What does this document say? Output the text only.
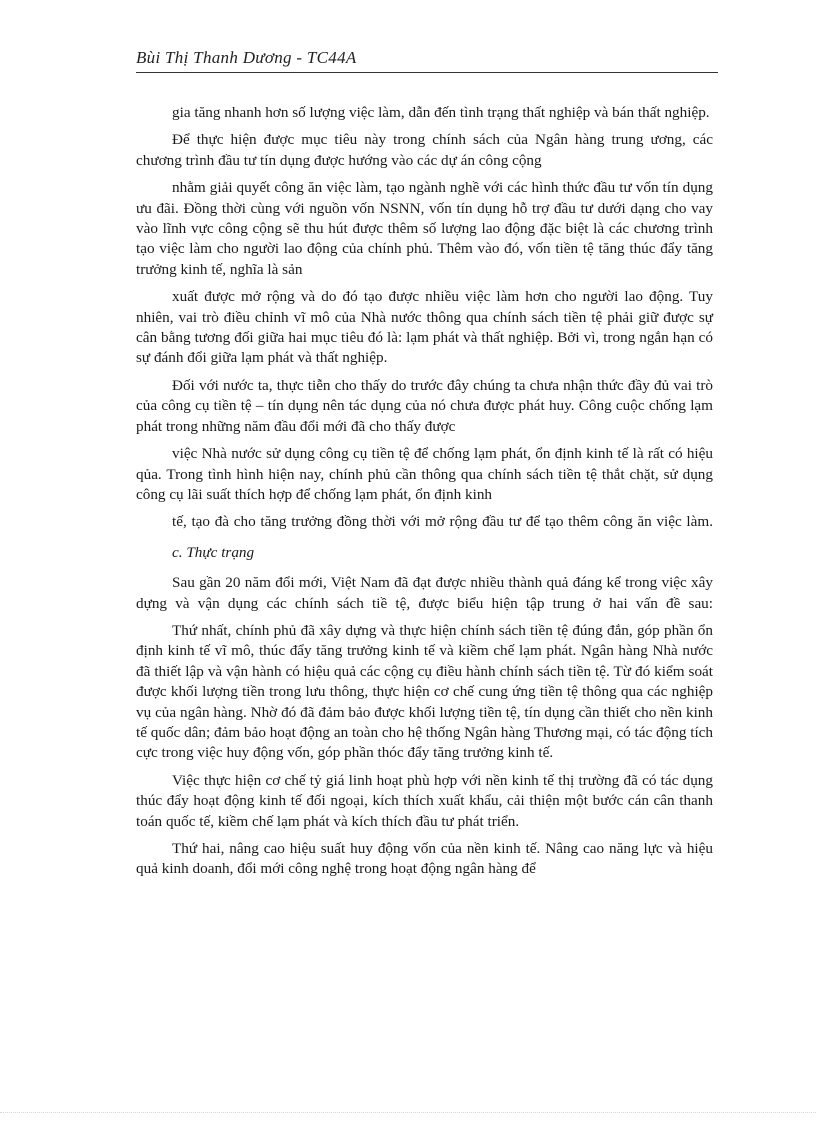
Bùi Thị Thanh Dương - TC44A

gia tăng nhanh hơn số lượng việc làm, dẫn đến tình trạng thất nghiệp và bán thất nghiệp.

Để thực hiện được mục tiêu này trong chính sách của Ngân hàng trung ương, các chương trình đầu tư tín dụng được hướng vào các dự án công cộng

nhằm giải quyết công ăn việc làm, tạo ngành nghề với các hình thức đầu tư vốn tín dụng ưu đãi. Đồng thời cùng với nguồn vốn NSNN, vốn tín dụng hỗ trợ đầu tư dưới dạng cho vay vào lĩnh vực công cộng sẽ thu hút được thêm số lượng lao động đặc biệt là các chương trình tạo việc làm cho người lao động của chính phủ. Thêm vào đó, vốn tiền tệ tăng thúc đẩy tăng trưởng kinh tế, nghĩa là sản

xuất được mở rộng và do đó tạo được nhiều việc làm hơn cho người lao động. Tuy nhiên, vai trò điều chỉnh vĩ mô của Nhà nước thông qua chính sách tiền tệ phải giữ được sự cân bằng tương đối giữa hai mục tiêu đó là: lạm phát và thất nghiệp. Bởi vì, trong ngắn hạn có sự đánh đổi giữa lạm phát và thất nghiệp.

Đối với nước ta, thực tiễn cho thấy do trước đây chúng ta chưa nhận thức đầy đủ vai trò của công cụ tiền tệ – tín dụng nên tác dụng của nó chưa được phát huy. Công cuộc chống lạm phát trong những năm đầu đổi mới đã cho thấy được

việc Nhà nước sử dụng công cụ tiền tệ để chống lạm phát, ổn định kinh tế là rất có hiệu qủa. Trong tình hình hiện nay, chính phủ cần thông qua chính sách tiền tệ thắt chặt, sử dụng công cụ lãi suất thích hợp để chống lạm phát, ổn định kinh

tế, tạo đà cho tăng trưởng đồng thời với mở rộng đầu tư để tạo thêm công ăn việc làm.

c. Thực trạng

Sau gần 20 năm đổi mới, Việt Nam đã đạt được nhiều thành quả đáng kể trong việc xây dựng và vận dụng các chính sách tiề tệ, được biểu hiện tập trung ở hai vấn đề sau:

Thứ nhất, chính phủ đã xây dựng và thực hiện chính sách tiền tệ đúng đắn, góp phần ổn định kinh tế vĩ mô, thúc đẩy tăng trưởng kinh tế và kiềm chế lạm phát. Ngân hàng Nhà nước đã thiết lập và vận hành có hiệu quả các cộng cụ điều hành chính sách tiền tệ. Từ đó kiểm soát được khối lượng tiền trong lưu thông, thực hiện cơ chế cung ứng tiền tệ thông qua các nghiệp vụ của ngân hàng. Nhờ đó đã đảm bảo được khối lượng tiền tệ, tín dụng cần thiết cho nền kinh tế quốc dân; đảm bảo hoạt động an toàn cho hệ thống Ngân hàng Thương mại, có tác động tích cực trong việc huy động vốn, góp phần thóc đẩy tăng trưởng kinh tế.

Việc thực hiện cơ chế tỷ giá linh hoạt phù hợp với nền kinh tế thị trường đã có tác dụng thúc đẩy hoạt động kinh tế đối ngoại, kích thích xuất khẩu, cải thiện một bước cán cân thanh toán quốc tế, kiềm chế lạm phát và kích thích đầu tư phát triển.

Thứ hai, nâng cao hiệu suất huy động vốn của nền kinh tế. Nâng cao năng lực và hiệu quả kinh doanh, đổi mới công nghệ trong hoạt động ngân hàng để
